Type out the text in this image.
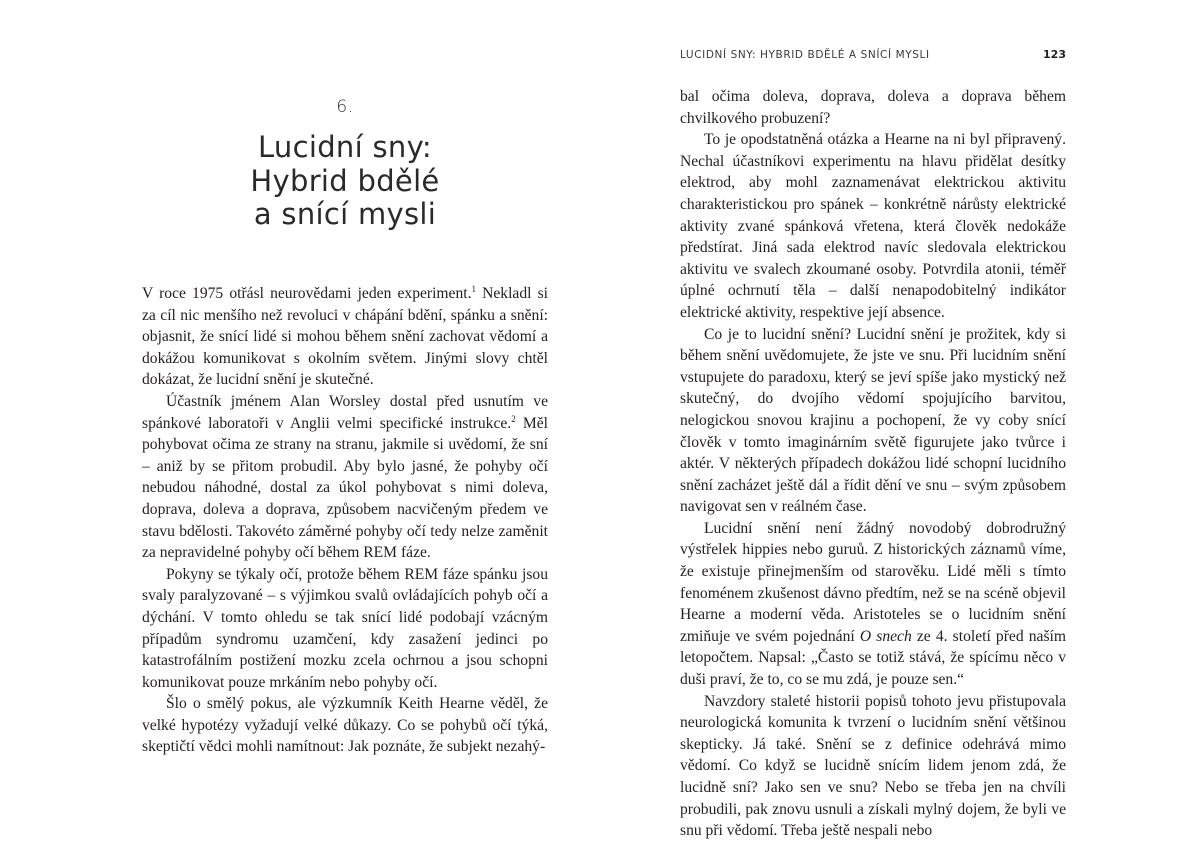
6.
Lucidní sny:
Hybrid bdělé
a snící mysli

V roce 1975 otřásl neurovědami jeden experiment.$^1$ Nekladl si za cíl nic menšího než revoluci v chápání bdění, spánku a snění: objasnit, že snící lidé si mohou během snění zachovat vědomí a dokážou komunikovat s okolním světem. Jinými slovy chtěl dokázat, že lucidní snění je skutečné.

Účastník jménem Alan Worsley dostal před usnutím ve spánkové laboratoři v Anglii velmi specifické instrukce.$^2$ Měl pohybovat očima ze strany na stranu, jakmile si uvědomí, že sní – aniž by se přitom probudil. Aby bylo jasné, že pohyby očí nebudou náhodné, dostal za úkol pohybovat s nimi doleva, doprava, doleva a doprava, způsobem nacvičeným předem ve stavu bdělosti. Takovéto záměrné pohyby očí tedy nelze zaměnit za nepravidelné pohyby očí během REM fáze.

Pokyny se týkaly očí, protože během REM fáze spánku jsou svaly paralyzované – s výjimkou svalů ovládajících pohyb očí a dýchání. V tomto ohledu se tak snící lidé podobají vzácným případům syndromu uzamčení, kdy zasažení jedinci po katastrofálním postižení mozku zcela ochrnou a jsou schopni komunikovat pouze mrkáním nebo pohyby očí.

Šlo o smělý pokus, ale výzkumník Keith Hearne věděl, že velké hypotézy vyžadují velké důkazy. Co se pohybů očí týká, skeptičtí vědci mohli namítnout: Jak poznáte, že subjekt nezahý-

LUCIDNÍ SNY: HYBRID BDĚLÉ A SNÍCÍ MYSLI	123

bal očima doleva, doprava, doleva a doprava během chvilkového probuzení?

To je opodstatněná otázka a Hearne na ni byl připravený. Nechal účastníkovi experimentu na hlavu přidělat desítky elektrod, aby mohl zaznamenávat elektrickou aktivitu charakteristickou pro spánek – konkrétně nárůsty elektrické aktivity zvané spánková vřetena, která člověk nedokáže předstírat. Jiná sada elektrod navíc sledovala elektrickou aktivitu ve svalech zkoumané osoby. Potvrdila atonii, téměř úplné ochrnutí těla – další nenapodobitelný indikátor elektrické aktivity, respektive její absence.

Co je to lucidní snění? Lucidní snění je prožitek, kdy si během snění uvědomujete, že jste ve snu. Při lucidním snění vstupujete do paradoxu, který se jeví spíše jako mystický než skutečný, do dvojího vědomí spojujícího barvitou, nelogickou snovou krajinu a pochopení, že vy coby snící člověk v tomto imaginárním světě figurujete jako tvůrce i aktér. V některých případech dokážou lidé schopní lucidního snění zacházet ještě dál a řídit dění ve snu – svým způsobem navigovat sen v reálném čase.

Lucidní snění není žádný novodobý dobrodružný výstřelek hippies nebo guruů. Z historických záznamů víme, že existuje přinejmenším od starověku. Lidé měli s tímto fenoménem zkušenost dávno předtím, než se na scéně objevil Hearne a moderní věda. Aristoteles se o lucidním snění zmiňuje ve svém pojednání O snech ze 4. století před naším letopočtem. Napsal: „Často se totiž stává, že spícímu něco v duši praví, že to, co se mu zdá, je pouze sen.“

Navzdory staleté historii popisů tohoto jevu přistupovala neurologická komunita k tvrzení o lucidním snění většinou skepticky. Já také. Snění se z definice odehrává mimo vědomí. Co když se lucidně snícím lidem jenom zdá, že lucidně sní? Jako sen ve snu? Nebo se třeba jen na chvíli probudili, pak znovu usnuli a získali mylný dojem, že byli ve snu při vědomí. Třeba ještě nespali nebo
